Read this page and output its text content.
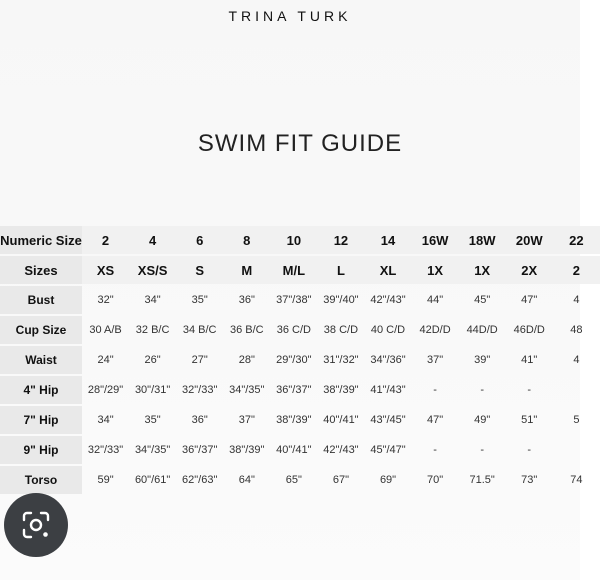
TRINA TURK
SWIM FIT GUIDE
Numeric Size	2	4	6	8	10	12	14	16W	18W	20W	22
Sizes	XS	XS/S	S	M	M/L	L	XL	1X	1X	2X	2
Bust	32"	34"	35"	36"	37"/38"	39"/40"	42"/43"	44"	45"	47"	4
Cup Size	30 A/B	32 B/C	34 B/C	36 B/C	36 C/D	38 C/D	40 C/D	42D/D	44D/D	46D/D	48
Waist	24"	26"	27"	28"	29"/30"	31"/32"	34"/36"	37"	39"	41"	4
4" Hip	28"/29"	30"/31"	32"/33"	34"/35"	36"/37"	38"/39"	41"/43"	-	-	-	
7" Hip	34"	35"	36"	37"	38"/39"	40"/41"	43"/45"	47"	49"	51"	5
9" Hip	32"/33"	34"/35"	36"/37"	38"/39"	40"/41"	42"/43"	45"/47"	-	-	-	
Torso	59"	60"/61"	62"/63"	64"	65"	67"	69"	70"	71.5"	73"	74
